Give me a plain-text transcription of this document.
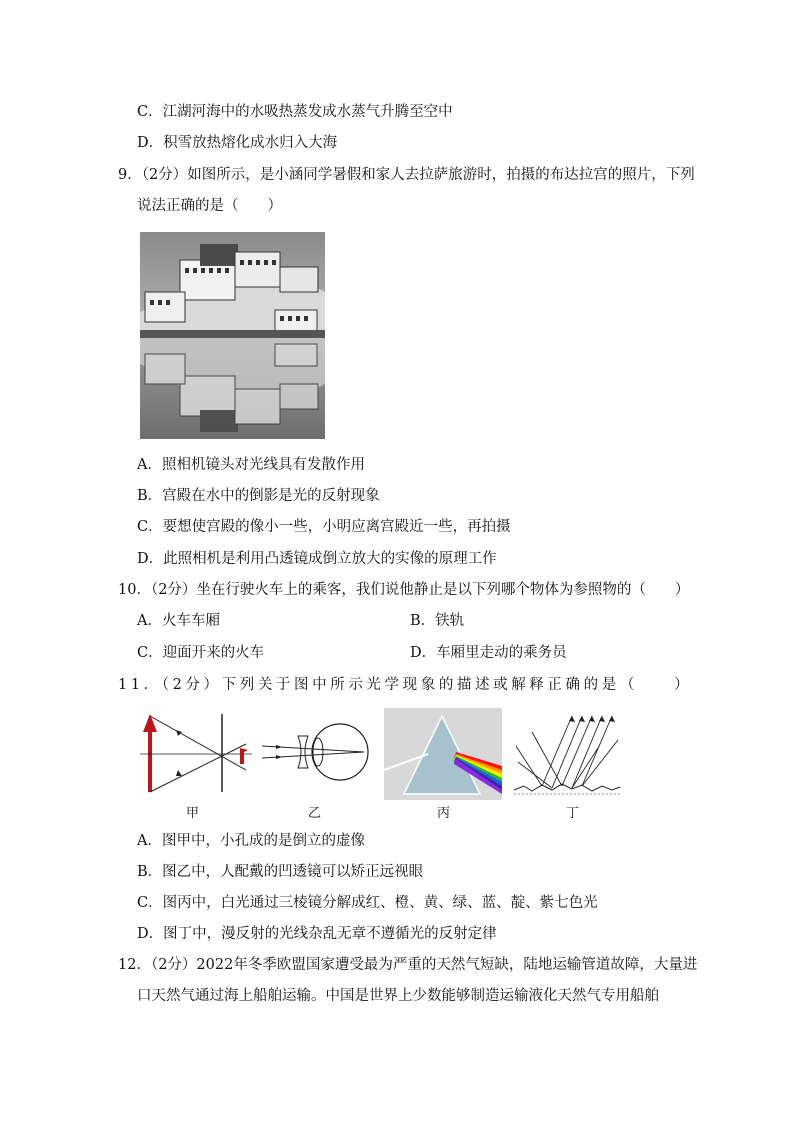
C．江湖河海中的水吸热蒸发成水蒸气升腾至空中
D．积雪放热熔化成水归入大海
9．（2分）如图所示，是小涵同学暑假和家人去拉萨旅游时，拍摄的布达拉宫的照片，下列
说法正确的是（　　）
A．照相机镜头对光线具有发散作用
B．宫殿在水中的倒影是光的反射现象
C．要想使宫殿的像小一些，小明应离宫殿近一些，再拍摄
D．此照相机是利用凸透镜成倒立放大的实像的原理工作
10．（2分）坐在行驶火车上的乘客，我们说他静止是以下列哪个物体为参照物的（　　）
A．火车车厢	B．铁轨
C．迎面开来的火车	D．车厢里走动的乘务员
11．（2分）下列关于图中所示光学现象的描述或解释正确的是（　　）
甲	乙	丙	丁
A．图甲中，小孔成的是倒立的虚像
B．图乙中，人配戴的凹透镜可以矫正远视眼
C．图丙中，白光通过三棱镜分解成红、橙、黄、绿、蓝、靛、紫七色光
D．图丁中，漫反射的光线杂乱无章不遵循光的反射定律
12．（2分）2022年冬季欧盟国家遭受最为严重的天然气短缺，陆地运输管道故障，大量进
口天然气通过海上船舶运输。中国是世界上少数能够制造运输液化天然气专用船舶
